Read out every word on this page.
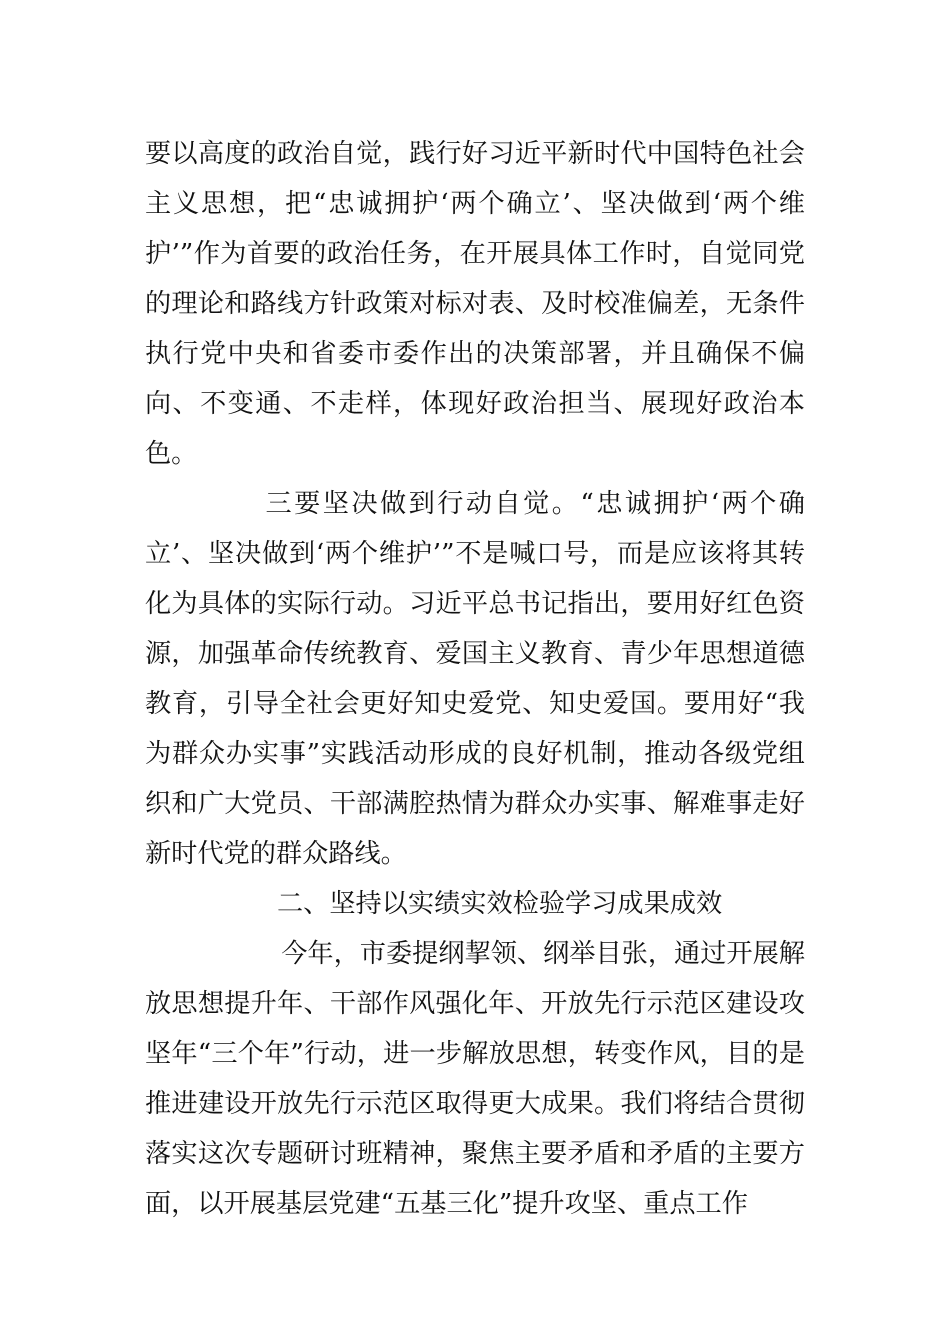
要以高度的政治自觉，践行好习近平新时代中国特色社会主义思想，把“忠诚拥护‘两个确立’、坚决做到‘两个维护’”作为首要的政治任务，在开展具体工作时，自觉同党的理论和路线方针政策对标对表、及时校准偏差，无条件执行党中央和省委市委作出的决策部署，并且确保不偏向、不变通、不走样，体现好政治担当、展现好政治本色。

三要坚决做到行动自觉。“忠诚拥护‘两个确立’、坚决做到‘两个维护’”不是喊口号，而是应该将其转化为具体的实际行动。习近平总书记指出，要用好红色资源，加强革命传统教育、爱国主义教育、青少年思想道德教育，引导全社会更好知史爱党、知史爱国。要用好“我为群众办实事”实践活动形成的良好机制，推动各级党组织和广大党员、干部满腔热情为群众办实事、解难事走好新时代党的群众路线。

二、坚持以实绩实效检验学习成果成效

今年，市委提纲挈领、纲举目张，通过开展解放思想提升年、干部作风强化年、开放先行示范区建设攻坚年“三个年”行动，进一步解放思想，转变作风，目的是推进建设开放先行示范区取得更大成果。我们将结合贯彻落实这次专题研讨班精神，聚焦主要矛盾和矛盾的主要方面，以开展基层党建“五基三化”提升攻坚、重点工作
